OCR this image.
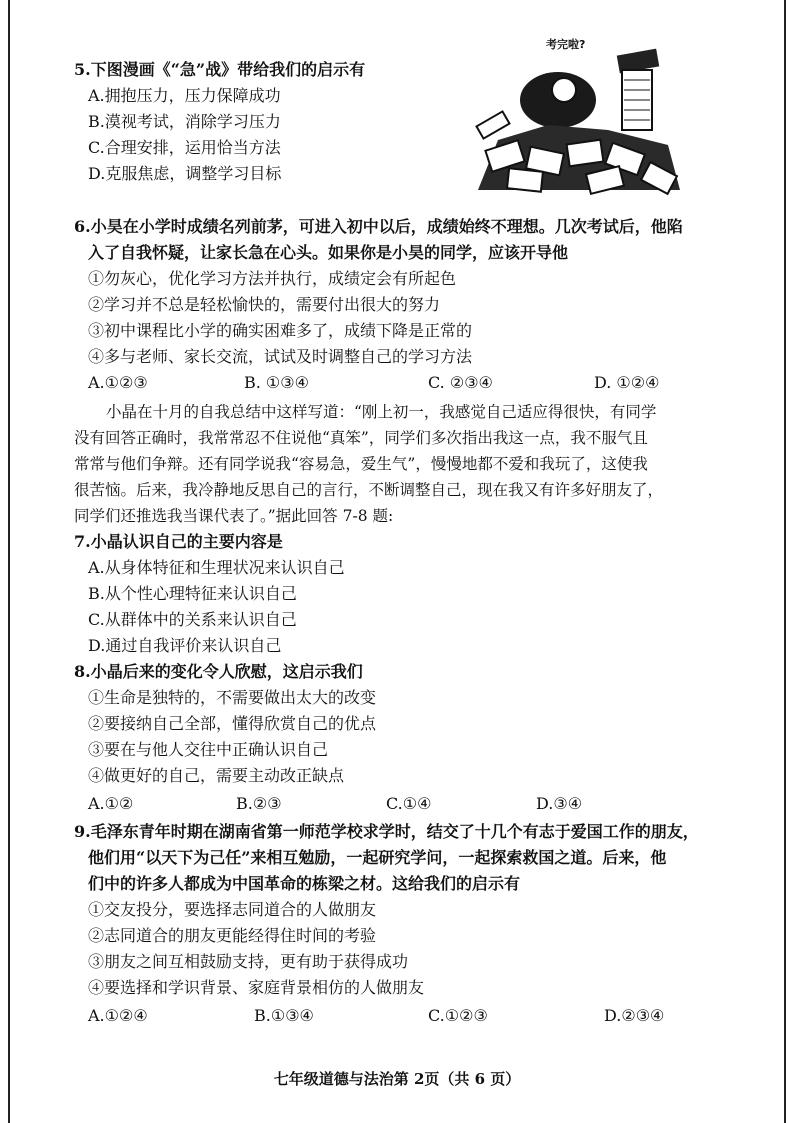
5.下图漫画《“急”战》带给我们的启示有
A.拥抱压力，压力保障成功
B.漠视考试，消除学习压力
C.合理安排，运用恰当方法
D.克服焦虑，调整学习目标
考完啦?
6.小昊在小学时成绩名列前茅，可进入初中以后，成绩始终不理想。几次考试后，他陷
入了自我怀疑，让家长急在心头。如果你是小昊的同学，应该开导他
①勿灰心，优化学习方法并执行，成绩定会有所起色
②学习并不总是轻松愉快的，需要付出很大的努力
③初中课程比小学的确实困难多了，成绩下降是正常的
④多与老师、家长交流，试试及时调整自己的学习方法
A.①②③	B. ①③④	C. ②③④	D. ①②④
小晶在十月的自我总结中这样写道：“刚上初一，我感觉自己适应得很快，有同学
没有回答正确时，我常常忍不住说他“真笨”，同学们多次指出我这一点，我不服气且
常常与他们争辩。还有同学说我“容易急，爱生气”，慢慢地都不爱和我玩了，这使我
很苦恼。后来，我冷静地反思自己的言行，不断调整自己，现在我又有许多好朋友了，
同学们还推选我当课代表了。”据此回答 7-8 题:
7.小晶认识自己的主要内容是
A.从身体特征和生理状况来认识自己
B.从个性心理特征来认识自己
C.从群体中的关系来认识自己
D.通过自我评价来认识自己
8.小晶后来的变化令人欣慰，这启示我们
①生命是独特的，不需要做出太大的改变
②要接纳自己全部，懂得欣赏自己的优点
③要在与他人交往中正确认识自己
④做更好的自己，需要主动改正缺点
A.①②	B.②③	C.①④	D.③④
9.毛泽东青年时期在湖南省第一师范学校求学时，结交了十几个有志于爱国工作的朋友，
他们用“以天下为己任”来相互勉励，一起研究学问，一起探索救国之道。后来，他
们中的许多人都成为中国革命的栋梁之材。这给我们的启示有
①交友投分，要选择志同道合的人做朋友
②志同道合的朋友更能经得住时间的考验
③朋友之间互相鼓励支持，更有助于获得成功
④要选择和学识背景、家庭背景相仿的人做朋友
A.①②④	B.①③④	C.①②③	D.②③④
七年级道德与法治第 2页（共 6 页）
